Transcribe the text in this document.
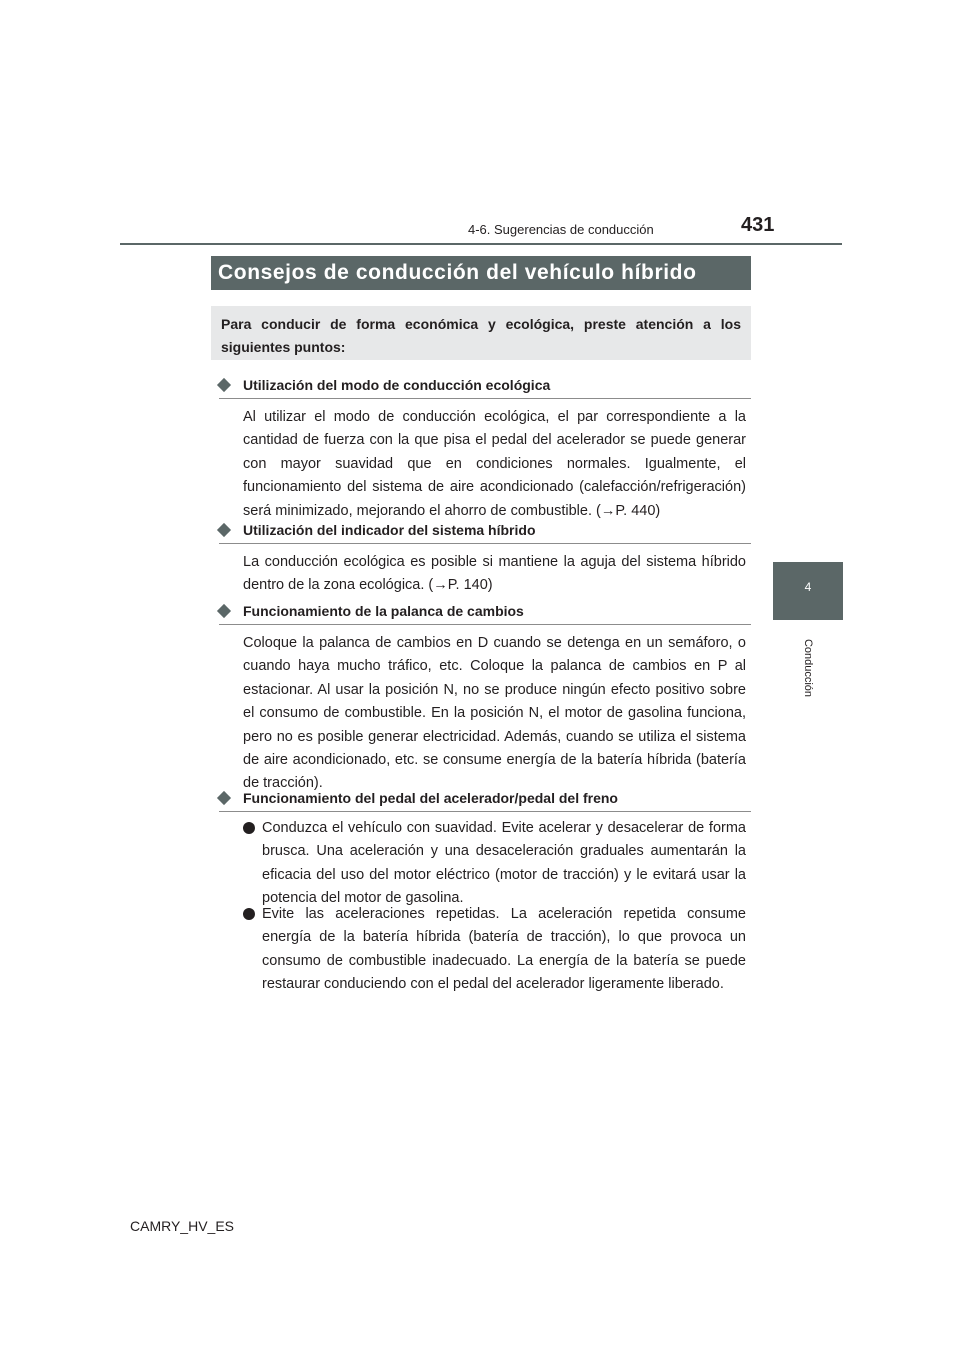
4-6. Sugerencias de conducción	431
4
Conducción
Consejos de conducción del vehículo híbrido

Para conducir de forma económica y ecológica, preste atención a los siguientes puntos:

Utilización del modo de conducción ecológica

Al utilizar el modo de conducción ecológica, el par correspondiente a la cantidad de fuerza con la que pisa el pedal del acelerador se puede generar con mayor suavidad que en condiciones normales. Igualmente, el funcionamiento del sistema de aire acondicionado (calefacción/refrigeración) será minimizado, mejorando el ahorro de combustible. (→P. 440)

Utilización del indicador del sistema híbrido

La conducción ecológica es posible si mantiene la aguja del sistema híbrido dentro de la zona ecológica. (→P. 140)

Funcionamiento de la palanca de cambios

Coloque la palanca de cambios en D cuando se detenga en un semáforo, o cuando haya mucho tráfico, etc. Coloque la palanca de cambios en P al estacionar. Al usar la posición N, no se produce ningún efecto positivo sobre el consumo de combustible. En la posición N, el motor de gasolina funciona, pero no es posible generar electricidad. Además, cuando se utiliza el sistema de aire acondicionado, etc. se consume energía de la batería híbrida (batería de tracción).

Funcionamiento del pedal del acelerador/pedal del freno

Conduzca el vehículo con suavidad. Evite acelerar y desacelerar de forma brusca. Una aceleración y una desaceleración graduales aumentarán la eficacia del uso del motor eléctrico (motor de tracción) y le evitará usar la potencia del motor de gasolina.

Evite las aceleraciones repetidas. La aceleración repetida consume energía de la batería híbrida (batería de tracción), lo que provoca un consumo de combustible inadecuado. La energía de la batería se puede restaurar conduciendo con el pedal del acelerador ligeramente liberado.

CAMRY_HV_ES
